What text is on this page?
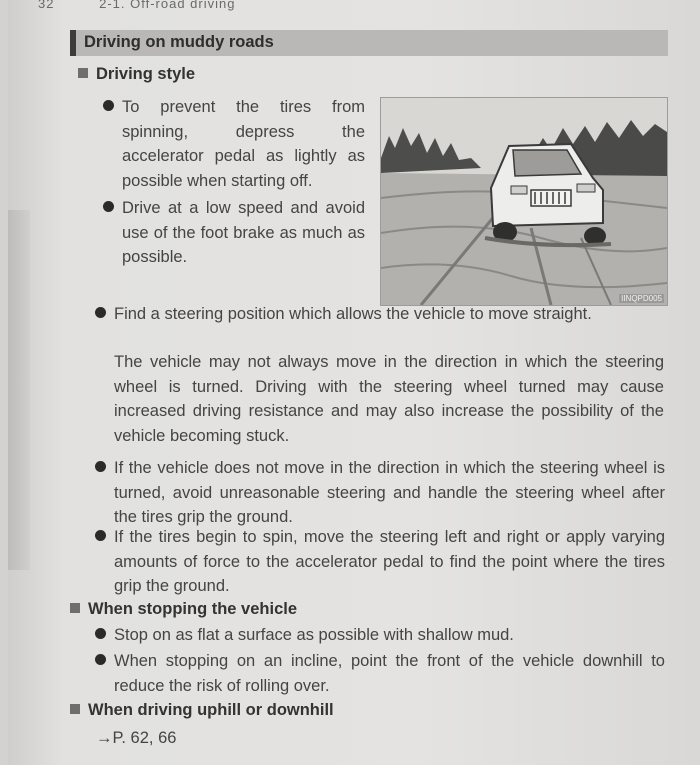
32	2-1. Off-road driving
Driving on muddy roads
Driving style

To prevent the tires from spinning, depress the accelerator pedal as lightly as possible when starting off.

Drive at a low speed and avoid use of the foot brake as much as possible.

IINQPD005

Find a steering position which allows the vehicle to move straight.

The vehicle may not always move in the direction in which the steering wheel is turned. Driving with the steering wheel turned may cause increased driving resistance and may also increase the possibility of the vehicle becoming stuck.

If the vehicle does not move in the direction in which the steering wheel is turned, avoid unreasonable steering and handle the steering wheel after the tires grip the ground.

If the tires begin to spin, move the steering left and right or apply varying amounts of force to the accelerator pedal to find the point where the tires grip the ground.

When stopping the vehicle

Stop on as flat a surface as possible with shallow mud.

When stopping on an incline, point the front of the vehicle downhill to reduce the risk of rolling over.

When driving uphill or downhill

→P. 62, 66
